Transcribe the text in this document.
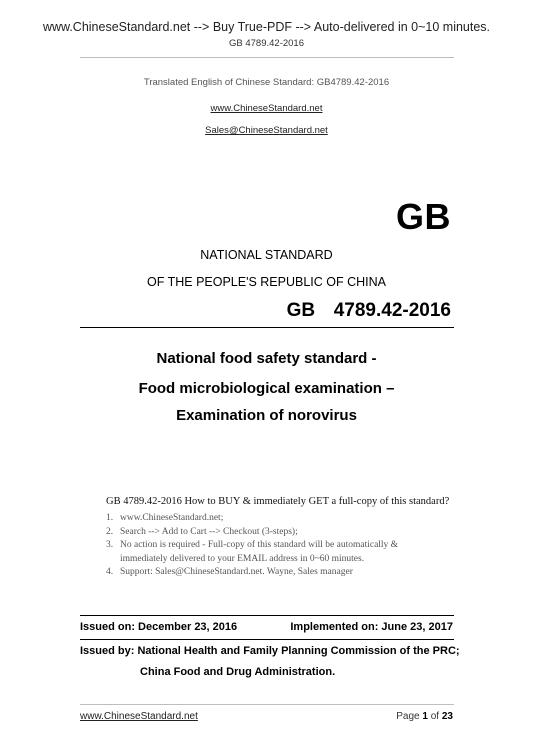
www.ChineseStandard.net --> Buy True-PDF --> Auto-delivered in 0~10 minutes.
GB 4789.42-2016
Translated English of Chinese Standard: GB4789.42-2016
www.ChineseStandard.net
Sales@ChineseStandard.net
GB
NATIONAL STANDARD
OF THE PEOPLE'S REPUBLIC OF CHINA
GB  4789.42-2016
National food safety standard -
Food microbiological examination –
Examination of norovirus
GB 4789.42-2016 How to BUY & immediately GET a full-copy of this standard?
1. www.ChineseStandard.net;
2. Search --> Add to Cart --> Checkout (3-steps);
3. No action is required - Full-copy of this standard will be automatically &
immediately delivered to your EMAIL address in 0~60 minutes.
4. Support: Sales@ChineseStandard.net. Wayne, Sales manager
Issued on: December 23, 2016	Implemented on: June 23, 2017
Issued by: National Health and Family Planning Commission of the PRC;
China Food and Drug Administration.
www.ChineseStandard.net	Page 1 of 23
